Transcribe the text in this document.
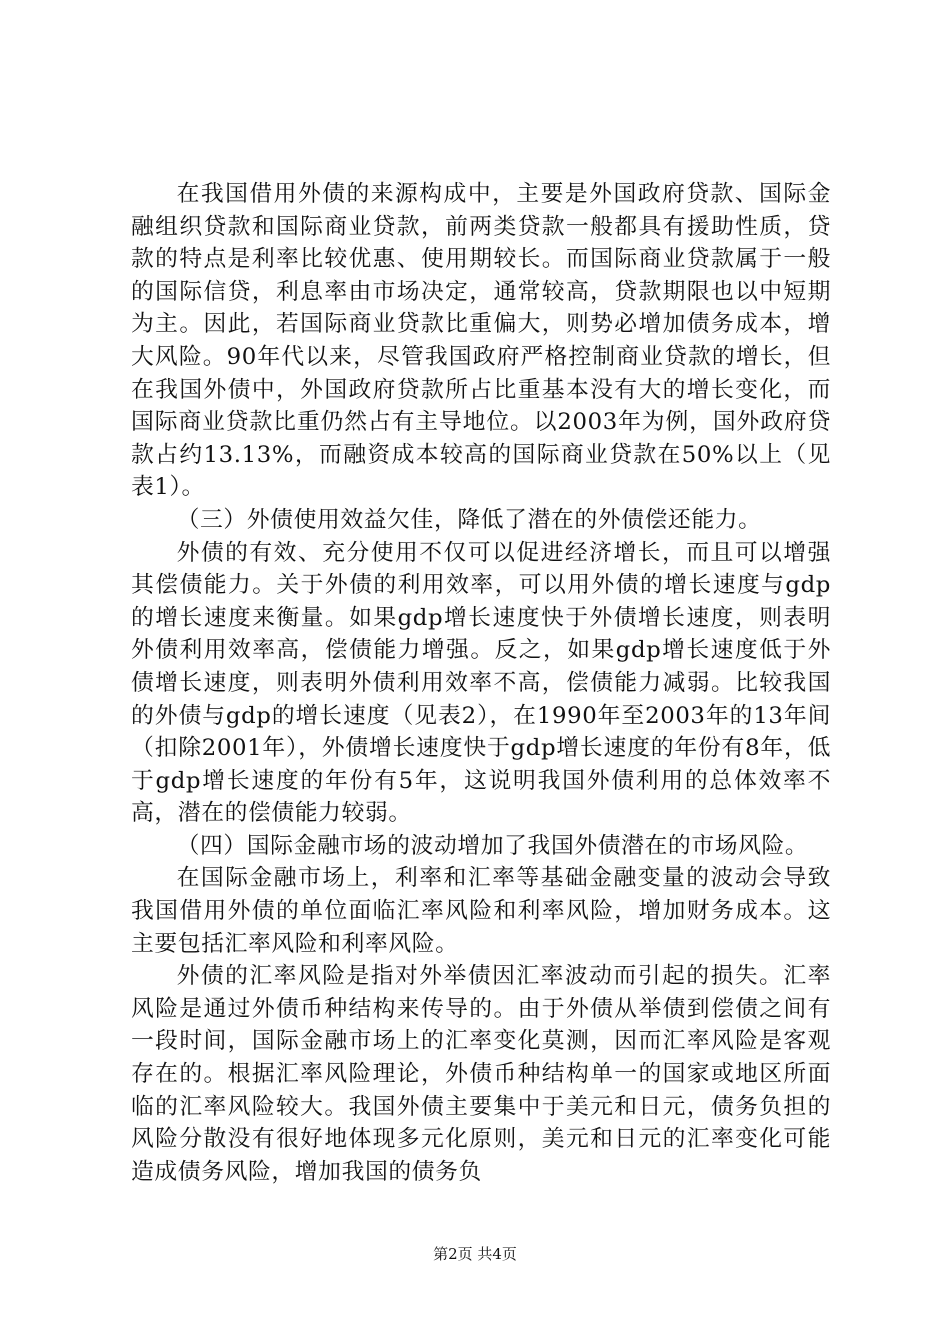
在我国借用外债的来源构成中，主要是外国政府贷款、国际金融组织贷款和国际商业贷款，前两类贷款一般都具有援助性质，贷款的特点是利率比较优惠、使用期较长。而国际商业贷款属于一般的国际信贷，利息率由市场决定，通常较高，贷款期限也以中短期为主。因此，若国际商业贷款比重偏大，则势必增加债务成本，增大风险。90年代以来，尽管我国政府严格控制商业贷款的增长，但在我国外债中，外国政府贷款所占比重基本没有大的增长变化，而国际商业贷款比重仍然占有主导地位。以2003年为例，国外政府贷款占约13.13%，而融资成本较高的国际商业贷款在50%以上（见表1）。

（三）外债使用效益欠佳，降低了潜在的外债偿还能力。

外债的有效、充分使用不仅可以促进经济增长，而且可以增强其偿债能力。关于外债的利用效率，可以用外债的增长速度与gdp的增长速度来衡量。如果gdp增长速度快于外债增长速度，则表明外债利用效率高，偿债能力增强。反之，如果gdp增长速度低于外债增长速度，则表明外债利用效率不高，偿债能力减弱。比较我国的外债与gdp的增长速度（见表2），在1990年至2003年的13年间（扣除2001年），外债增长速度快于gdp增长速度的年份有8年，低于gdp增长速度的年份有5年，这说明我国外债利用的总体效率不高，潜在的偿债能力较弱。

（四）国际金融市场的波动增加了我国外债潜在的市场风险。

在国际金融市场上，利率和汇率等基础金融变量的波动会导致我国借用外债的单位面临汇率风险和利率风险，增加财务成本。这主要包括汇率风险和利率风险。

外债的汇率风险是指对外举债因汇率波动而引起的损失。汇率风险是通过外债币种结构来传导的。由于外债从举债到偿债之间有一段时间，国际金融市场上的汇率变化莫测，因而汇率风险是客观存在的。根据汇率风险理论，外债币种结构单一的国家或地区所面临的汇率风险较大。我国外债主要集中于美元和日元，债务负担的风险分散没有很好地体现多元化原则，美元和日元的汇率变化可能造成债务风险，增加我国的债务负

第2页 共4页
